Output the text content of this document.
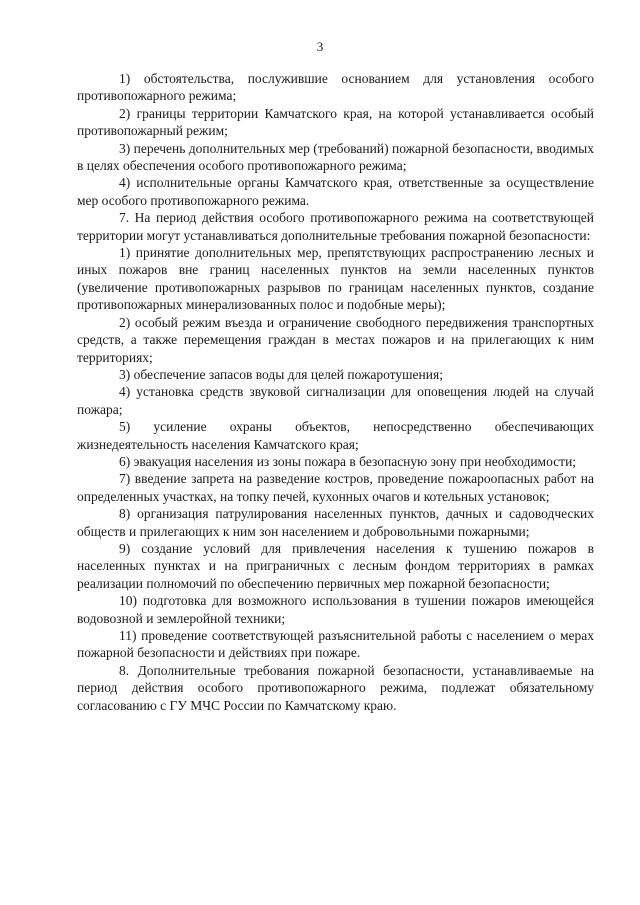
3

1) обстоятельства, послужившие основанием для установления особого противопожарного режима;

2) границы территории Камчатского края, на которой устанавливается особый противопожарный режим;

3) перечень дополнительных мер (требований) пожарной безопасности, вводимых в целях обеспечения особого противопожарного режима;

4) исполнительные органы Камчатского края, ответственные за осуществление мер особого противопожарного режима.

7. На период действия особого противопожарного режима на соответствующей территории могут устанавливаться дополнительные требования пожарной безопасности:

1) принятие дополнительных мер, препятствующих распространению лесных и иных пожаров вне границ населенных пунктов на земли населенных пунктов (увеличение противопожарных разрывов по границам населенных пунктов, создание противопожарных минерализованных полос и подобные меры);

2) особый режим въезда и ограничение свободного передвижения транспортных средств, а также перемещения граждан в местах пожаров и на прилегающих к ним территориях;

3) обеспечение запасов воды для целей пожаротушения;

4) установка средств звуковой сигнализации для оповещения людей на случай пожара;

5) усиление охраны объектов, непосредственно обеспечивающих жизнедеятельность населения Камчатского края;

6) эвакуация населения из зоны пожара в безопасную зону при необходимости;

7) введение запрета на разведение костров, проведение пожароопасных работ на определенных участках, на топку печей, кухонных очагов и котельных установок;

8) организация патрулирования населенных пунктов, дачных и садоводческих обществ и прилегающих к ним зон населением и добровольными пожарными;

9) создание условий для привлечения населения к тушению пожаров в населенных пунктах и на приграничных с лесным фондом территориях в рамках реализации полномочий по обеспечению первичных мер пожарной безопасности;

10) подготовка для возможного использования в тушении пожаров имеющейся водовозной и землеройной техники;

11) проведение соответствующей разъяснительной работы с населением о мерах пожарной безопасности и действиях при пожаре.

8. Дополнительные требования пожарной безопасности, устанавливаемые на период действия особого противопожарного режима, подлежат обязательному согласованию с ГУ МЧС России по Камчатскому краю.
